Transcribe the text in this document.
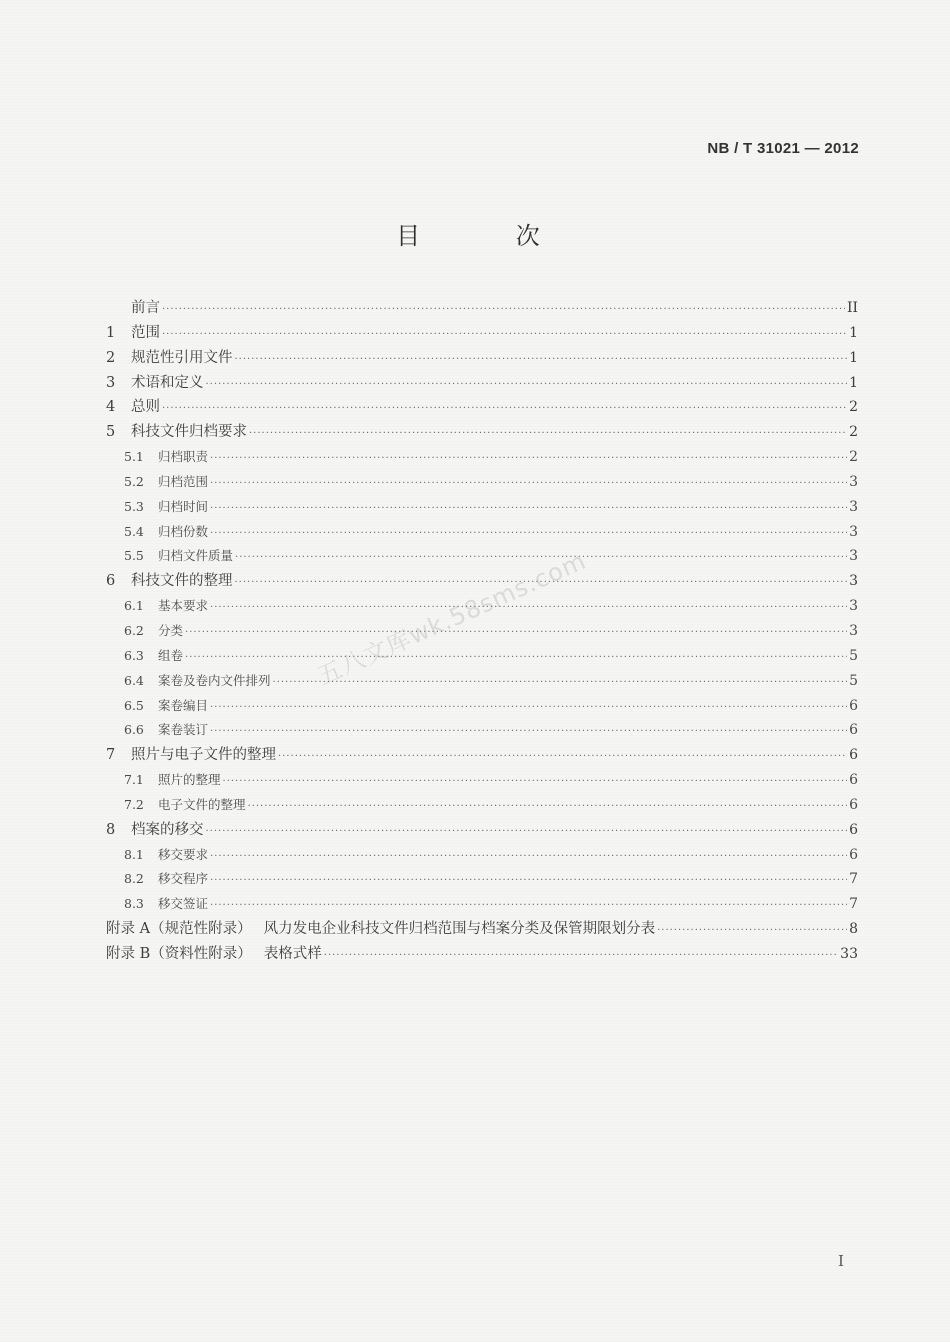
NB / T 31021 — 2012
目 次
前言 ·····	II
1	范围 ·····	1
2	规范性引用文件 ·····	1
3	术语和定义 ·····	1
4	总则 ·····	2
5	科技文件归档要求 ·····	2
5.1	归档职责 ·····	2
5.2	归档范围 ·····	3
5.3	归档时间 ·····	3
5.4	归档份数 ·····	3
5.5	归档文件质量 ·····	3
6	科技文件的整理 ·····	3
6.1	基本要求 ·····	3
6.2	分类 ·····	3
6.3	组卷 ·····	5
6.4	案卷及卷内文件排列 ·····	5
6.5	案卷编目 ·····	6
6.6	案卷装订 ·····	6
7	照片与电子文件的整理 ·····	6
7.1	照片的整理 ·····	6
7.2	电子文件的整理 ·····	6
8	档案的移交 ·····	6
8.1	移交要求 ·····	6
8.2	移交程序 ·····	7
8.3	移交签证 ·····	7
附录 A（规范性附录） 风力发电企业科技文件归档范围与档案分类及保管期限划分表 ·····	8
附录 B（资料性附录） 表格式样 ·····	33
五八文库wk.58sms.com
I
